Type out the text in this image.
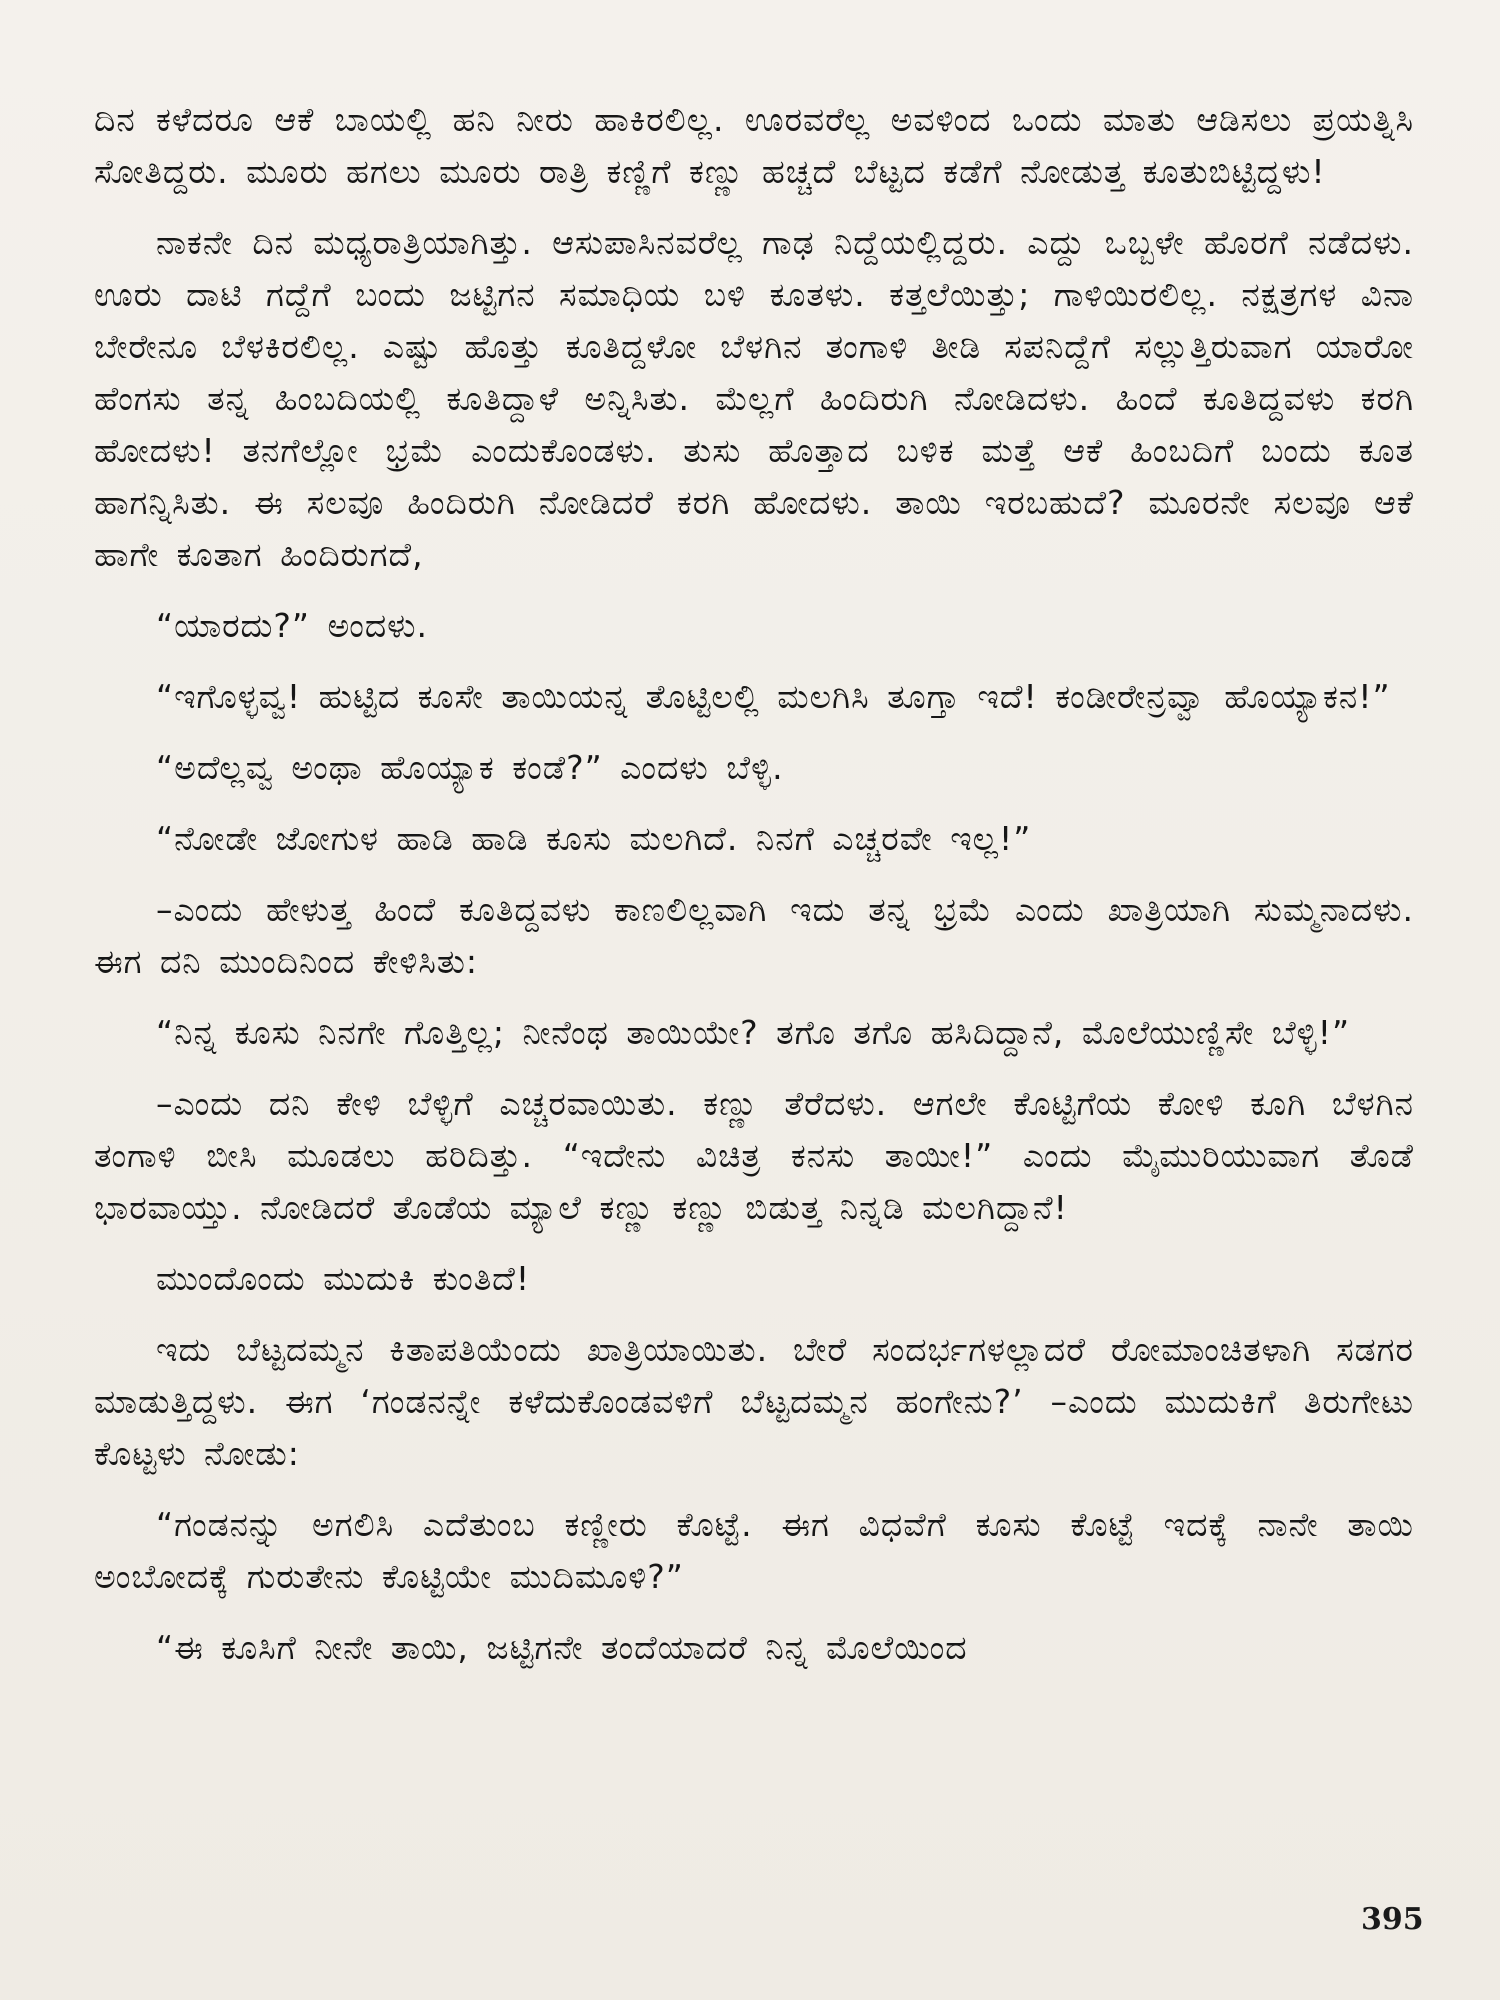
ದಿನ ಕಳೆದರೂ ಆಕೆ ಬಾಯಲ್ಲಿ ಹನಿ ನೀರು ಹಾಕಿರಲಿಲ್ಲ. ಊರವರೆಲ್ಲ ಅವಳಿಂದ ಒಂದು ಮಾತು ಆಡಿಸಲು ಪ್ರಯತ್ನಿಸಿ ಸೋತಿದ್ದರು. ಮೂರು ಹಗಲು ಮೂರು ರಾತ್ರಿ ಕಣ್ಣಿಗೆ ಕಣ್ಣು ಹಚ್ಚದೆ ಬೆಟ್ಟದ ಕಡೆಗೆ ನೋಡುತ್ತ ಕೂತುಬಿಟ್ಟಿದ್ದಳು!

ನಾಕನೇ ದಿನ ಮಧ್ಯರಾತ್ರಿಯಾಗಿತ್ತು. ಆಸುಪಾಸಿನವರೆಲ್ಲ ಗಾಢ ನಿದ್ದೆಯಲ್ಲಿದ್ದರು. ಎದ್ದು ಒಬ್ಬಳೇ ಹೊರಗೆ ನಡೆದಳು. ಊರು ದಾಟಿ ಗದ್ದೆಗೆ ಬಂದು ಜಟ್ಟಿಗನ ಸಮಾಧಿಯ ಬಳಿ ಕೂತಳು. ಕತ್ತಲೆಯಿತ್ತು; ಗಾಳಿಯಿರಲಿಲ್ಲ. ನಕ್ಷತ್ರಗಳ ವಿನಾ ಬೇರೇನೂ ಬೆಳಕಿರಲಿಲ್ಲ. ಎಷ್ಟು ಹೊತ್ತು ಕೂತಿದ್ದಳೋ ಬೆಳಗಿನ ತಂಗಾಳಿ ತೀಡಿ ಸಪನಿದ್ದೆಗೆ ಸಲ್ಲುತ್ತಿರುವಾಗ ಯಾರೋ ಹೆಂಗಸು ತನ್ನ ಹಿಂಬದಿಯಲ್ಲಿ ಕೂತಿದ್ದಾಳೆ ಅನ್ನಿಸಿತು. ಮೆಲ್ಲಗೆ ಹಿಂದಿರುಗಿ ನೋಡಿದಳು. ಹಿಂದೆ ಕೂತಿದ್ದವಳು ಕರಗಿ ಹೋದಳು! ತನಗೆಲ್ಲೋ ಭ್ರಮೆ ಎಂದುಕೊಂಡಳು. ತುಸು ಹೊತ್ತಾದ ಬಳಿಕ ಮತ್ತೆ ಆಕೆ ಹಿಂಬದಿಗೆ ಬಂದು ಕೂತ ಹಾಗನ್ನಿಸಿತು. ಈ ಸಲವೂ ಹಿಂದಿರುಗಿ ನೋಡಿದರೆ ಕರಗಿ ಹೋದಳು. ತಾಯಿ ಇರಬಹುದೆ? ಮೂರನೇ ಸಲವೂ ಆಕೆ ಹಾಗೇ ಕೂತಾಗ ಹಿಂದಿರುಗದೆ,

“ಯಾರದು?” ಅಂದಳು.

“ಇಗೊಳ್ಳವ್ವ! ಹುಟ್ಟಿದ ಕೂಸೇ ತಾಯಿಯನ್ನ ತೊಟ್ಟಿಲಲ್ಲಿ ಮಲಗಿಸಿ ತೂಗ್ತಾ ಇದೆ! ಕಂಡೀರೇನ್ರವ್ವಾ ಹೊಯ್ಯಾಕನ!”

“ಅದೆಲ್ಲವ್ವ ಅಂಥಾ ಹೊಯ್ಯಾಕ ಕಂಡೆ?” ಎಂದಳು ಬೆಳ್ಳಿ.

“ನೋಡೇ ಜೋಗುಳ ಹಾಡಿ ಹಾಡಿ ಕೂಸು ಮಲಗಿದೆ. ನಿನಗೆ ಎಚ್ಚರವೇ ಇಲ್ಲ!”

–ಎಂದು ಹೇಳುತ್ತ ಹಿಂದೆ ಕೂತಿದ್ದವಳು ಕಾಣಲಿಲ್ಲವಾಗಿ ಇದು ತನ್ನ ಭ್ರಮೆ ಎಂದು ಖಾತ್ರಿಯಾಗಿ ಸುಮ್ಮನಾದಳು. ಈಗ ದನಿ ಮುಂದಿನಿಂದ ಕೇಳಿಸಿತು:

“ನಿನ್ನ ಕೂಸು ನಿನಗೇ ಗೊತ್ತಿಲ್ಲ; ನೀನೆಂಥ ತಾಯಿಯೇ? ತಗೊ ತಗೊ ಹಸಿದಿದ್ದಾನೆ, ಮೊಲೆಯುಣ್ಣಿಸೇ ಬೆಳ್ಳಿ!”

–ಎಂದು ದನಿ ಕೇಳಿ ಬೆಳ್ಳಿಗೆ ಎಚ್ಚರವಾಯಿತು. ಕಣ್ಣು ತೆರೆದಳು. ಆಗಲೇ ಕೊಟ್ಟಿಗೆಯ ಕೋಳಿ ಕೂಗಿ ಬೆಳಗಿನ ತಂಗಾಳಿ ಬೀಸಿ ಮೂಡಲು ಹರಿದಿತ್ತು. “ಇದೇನು ವಿಚಿತ್ರ ಕನಸು ತಾಯೀ!” ಎಂದು ಮೈಮುರಿಯುವಾಗ ತೊಡೆ ಭಾರವಾಯ್ತು. ನೋಡಿದರೆ ತೊಡೆಯ ಮ್ಯಾಲೆ ಕಣ್ಣು ಕಣ್ಣು ಬಿಡುತ್ತ ನಿನ್ನಡಿ ಮಲಗಿದ್ದಾನೆ!

ಮುಂದೊಂದು ಮುದುಕಿ ಕುಂತಿದೆ!

ಇದು ಬೆಟ್ಟದಮ್ಮನ ಕಿತಾಪತಿಯೆಂದು ಖಾತ್ರಿಯಾಯಿತು. ಬೇರೆ ಸಂದರ್ಭಗಳಲ್ಲಾದರೆ ರೋಮಾಂಚಿತಳಾಗಿ ಸಡಗರ ಮಾಡುತ್ತಿದ್ದಳು. ಈಗ ‘ಗಂಡನನ್ನೇ ಕಳೆದುಕೊಂಡವಳಿಗೆ ಬೆಟ್ಟದಮ್ಮನ ಹಂಗೇನು?’ –ಎಂದು ಮುದುಕಿಗೆ ತಿರುಗೇಟು ಕೊಟ್ಟಳು ನೋಡು:

“ಗಂಡನನ್ನು ಅಗಲಿಸಿ ಎದೆತುಂಬ ಕಣ್ಣೀರು ಕೊಟ್ಟೆ. ಈಗ ವಿಧವೆಗೆ ಕೂಸು ಕೊಟ್ಟೆ ಇದಕ್ಕೆ ನಾನೇ ತಾಯಿ ಅಂಬೋದಕ್ಕೆ ಗುರುತೇನು ಕೊಟ್ಟಿಯೇ ಮುದಿಮೂಳಿ?”

“ಈ ಕೂಸಿಗೆ ನೀನೇ ತಾಯಿ, ಜಟ್ಟಿಗನೇ ತಂದೆಯಾದರೆ ನಿನ್ನ ಮೊಲೆಯಿಂದ

395
